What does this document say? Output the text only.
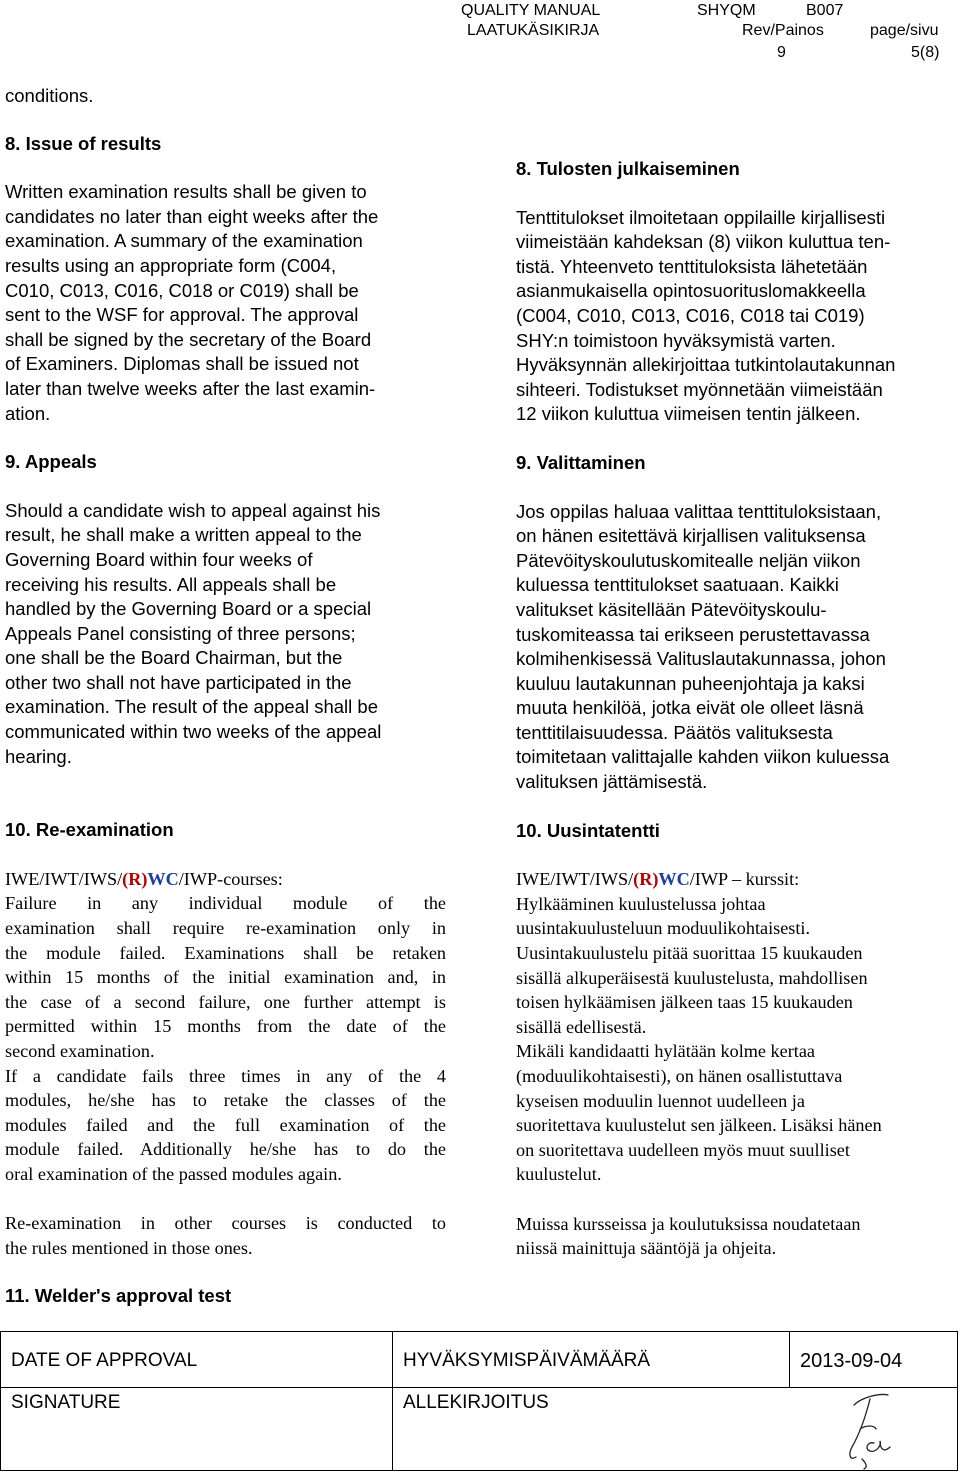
QUALITY MANUAL
LAATUKÄSIKIRJA
SHYQM	B007
Rev/Painos	page/sivu
9	5(8)

conditions.

8. Issue of results

Written examination results shall be given to
candidates no later than eight weeks after the
examination. A summary of the examination
results using an appropriate form (C004,
C010, C013, C016, C018 or C019) shall be
sent to the WSF for approval. The approval
shall be signed by the secretary of the Board
of Examiners. Diplomas shall be issued not
later than twelve weeks after the last examin-
ation.

9. Appeals

Should a candidate wish to appeal against his
result, he shall make a written appeal to the
Governing Board within four weeks of
receiving his results. All appeals shall be
handled by the Governing Board or a special
Appeals Panel consisting of three persons;
one shall be the Board Chairman, but the
other two shall not have participated in the
examination. The result of the appeal shall be
communicated within two weeks of the appeal
hearing.

10. Re-examination

IWE/IWT/IWS/(R)WC/IWP-courses:
Failure in any individual module of the
examination shall require re-examination only in
the module failed. Examinations shall be retaken
within 15 months of the initial examination and, in
the case of a second failure, one further attempt is
permitted within 15 months from the date of the
second examination.
If a candidate fails three times in any of the 4
modules, he/she has to retake the classes of the
modules failed and the full examination of the
module failed. Additionally he/she has to do the
oral examination of the passed modules again.
Re-examination in other courses is conducted to
the rules mentioned in those ones.

11. Welder's approval test

8. Tulosten julkaiseminen

Tenttitulokset ilmoitetaan oppilaille kirjallisesti
viimeistään kahdeksan (8) viikon kuluttua ten-
tistä. Yhteenveto tenttituloksista lähetetään
asianmukaisella opintosuorituslomakkeella
(C004, C010, C013, C016, C018 tai C019)
SHY:n toimistoon hyväksymistä varten.
Hyväksynnän allekirjoittaa tutkintolautakunnan
sihteeri. Todistukset myönnetään viimeistään
12 viikon kuluttua viimeisen tentin jälkeen.

9. Valittaminen

Jos oppilas haluaa valittaa tenttituloksistaan,
on hänen esitettävä kirjallisen valituksensa
Pätevöityskoulutuskomitealle neljän viikon
kuluessa tenttitulokset saatuaan. Kaikki
valitukset käsitellään Pätevöityskoulu-
tuskomiteassa tai erikseen perustettavassa
kolmihenkisessä Valituslautakunnassa, johon
kuuluu lautakunnan puheenjohtaja ja kaksi
muuta henkilöä, jotka eivät ole olleet läsnä
tenttitilaisuudessa. Päätös valituksesta
toimitetaan valittajalle kahden viikon kuluessa
valituksen jättämisestä.

10. Uusintatentti

IWE/IWT/IWS/(R)WC/IWP – kurssit:
Hylkääminen kuulustelussa johtaa
uusintakuulusteluun moduulikohtaisesti.
Uusintakuulustelu pitää suorittaa 15 kuukauden
sisällä alkuperäisestä kuulustelusta, mahdollisen
toisen hylkäämisen jälkeen taas 15 kuukauden
sisällä edellisestä.
Mikäli kandidaatti hylätään kolme kertaa
(moduulikohtaisesti), on hänen osallistuttava
kyseisen moduulin luennot uudelleen ja
suoritettava kuulustelut sen jälkeen. Lisäksi hänen
on suoritettava uudelleen myös muut suulliset
kuulustelut.
Muissa kursseissa ja koulutuksissa noudatetaan
niissä mainittuja sääntöjä ja ohjeita.
DATE OF APPROVAL	HYVÄKSYMISPÄIVÄMÄÄRÄ	2013-09-04
SIGNATURE	ALLEKIRJOITUS	
